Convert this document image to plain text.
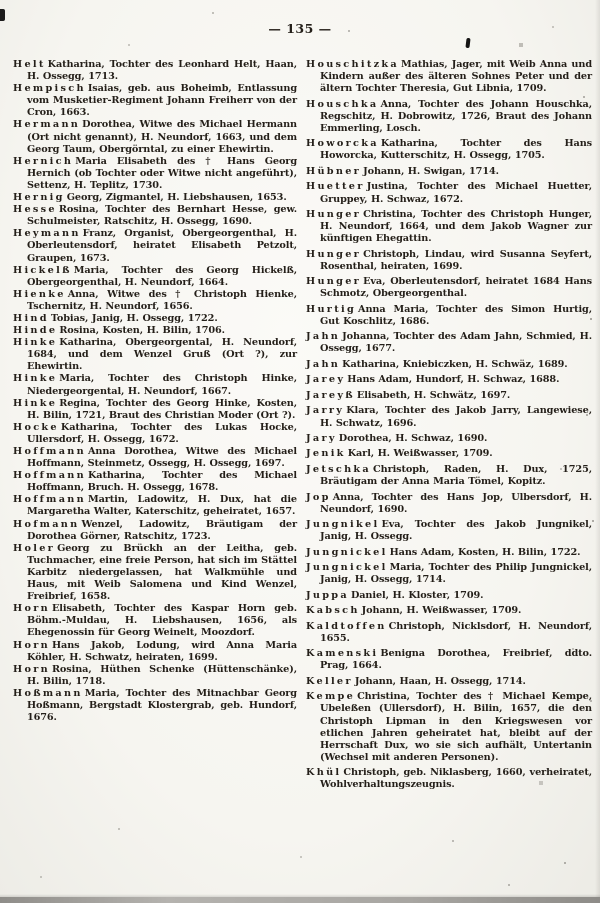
— 135 —

Helt Katharina, Tochter des Leonhard Helt, Haan, H. Ossegg, 1713.

Hempisch Isaias, geb. aus Boheimb, Entlassung vom Musketier-Regiment Johann Freiherr von der Cron, 1663.

Hermann Dorothea, Witwe des Michael Hermann (Ort nicht genannt), H. Neundorf, 1663, und dem Georg Taum, Obergörntal, zu einer Ehewirtin.

Hernich Maria Elisabeth des † Hans Georg Hernich (ob Tochter oder Witwe nicht angeführt), Settenz, H. Teplitz, 1730.

Hernig Georg, Zigmantel, H. Liebshausen, 1653.

Hesse Rosina, Tochter des Bernhart Hesse, gew. Schulmeister, Ratschitz, H. Ossegg, 1690.

Heymann Franz, Organist, Obergeorgenthal, H. Oberleutensdorf, heiratet Elisabeth Petzolt, Graupen, 1673.

Hickelß Maria, Tochter des Georg Hickelß, Obergeorgenthal, H. Neundorf, 1664.

Hienke Anna, Witwe des † Christoph Hienke, Tschernitz, H. Neundorf, 1656.

Hind Tobias, Janig, H. Ossegg, 1722.

Hinde Rosina, Kosten, H. Bilin, 1706.

Hinke Katharina, Obergeorgental, H. Neundorf, 1684, und dem Wenzel Gruß (Ort ?), zur Ehewirtin.

Hinke Maria, Tochter des Christoph Hinke, Niedergeorgental, H. Neundorf, 1667.

Hinke Regina, Tochter des Georg Hinke, Kosten, H. Bilin, 1721, Braut des Christian Moder (Ort ?).

Hocke Katharina, Tochter des Lukas Hocke, Ullersdorf, H. Ossegg, 1672.

Hoffmann Anna Dorothea, Witwe des Michael Hoffmann, Steinmetz, Ossegg, H. Ossegg, 1697.

Hoffmann Katharina, Tochter des Michael Hoffmann, Bruch. H. Ossegg, 1678.

Hoffmann Martin, Ladowitz, H. Dux, hat die Margaretha Walter, Katerschitz, geheiratet, 1657.

Hofmann Wenzel, Ladowitz, Bräutigam der Dorothea Görner, Ratschitz, 1723.

Holer Georg zu Brückh an der Leitha, geb. Tuchmacher, eine freie Person, hat sich im Stättel Karbitz niedergelassen, hat Walkmühle und Haus, mit Weib Salomena und Kind Wenzel, Freibrief, 1658.

Horn Elisabeth, Tochter des Kaspar Horn geb. Böhm.-Muldau, H. Liebshausen, 1656, als Ehegenossin für Georg Weinelt, Moozdorf.

Horn Hans Jakob, Lodung, wird Anna Maria Köhler, H. Schwatz, heiraten, 1699.

Horn Rosina, Hüthen Schenke (Hüttenschänke), H. Bilin, 1718.

Hoßmann Maria, Tochter des Mitnachbar Georg Hoßmann, Bergstadt Klostergrab, geb. Hundorf, 1676.

Houschitzka Mathias, Jager, mit Weib Anna und Kindern außer des älteren Sohnes Peter und der ältern Tochter Theresia, Gut Libnia, 1709.

Houschka Anna, Tochter des Johann Houschka, Regschitz, H. Dobrowitz, 1726, Braut des Johann Emmerling, Losch.

Howorcka Katharina, Tochter des Hans Howorcka, Kutterschitz, H. Ossegg, 1705.

Hübner Johann, H. Swigan, 1714.

Huetter Justina, Tochter des Michael Huetter, Gruppey, H. Schwaz, 1672.

Hunger Christina, Tochter des Christoph Hunger, H. Neundorf, 1664, und dem Jakob Wagner zur künftigen Ehegattin.

Hunger Christoph, Lindau, wird Susanna Seyfert, Rosenthal, heiraten, 1699.

Hunger Eva, Oberleutensdorf, heiratet 1684 Hans Schmotz, Obergeorgenthal.

Hurtig Anna Maria, Tochter des Simon Hurtig, Gut Koschlitz, 1686.

Jahn Johanna, Tochter des Adam Jahn, Schmied, H. Ossegg, 1677.

Jahn Katharina, Kniebiczken, H. Schwäz, 1689.

Jarey Hans Adam, Hundorf, H. Schwaz, 1688.

Jareyß Elisabeth, H. Schwätz, 1697.

Jarry Klara, Tochter des Jakob Jarry, Langewiese, H. Schwatz, 1696.

Jary Dorothea, H. Schwaz, 1690.

Jenik Karl, H. Weißwasser, 1709.

Jetschka Christoph, Raden, H. Dux, 1725, Bräutigam der Anna Maria Tömel, Kopitz.

Jop Anna, Tochter des Hans Jop, Ulbersdorf, H. Neundorf, 1690.

Jungnikel Eva, Tochter des Jakob Jungnikel, Janig, H. Ossegg.

Jungnickel Hans Adam, Kosten, H. Bilin, 1722.

Jungnickel Maria, Tochter des Philip Jungnickel, Janig, H. Ossegg, 1714.

Juppa Daniel, H. Kloster, 1709.

Kabsch Johann, H. Weißwasser, 1709.

Kaldtoffen Christoph, Nicklsdorf, H. Neundorf, 1655.

Kamenski Benigna Dorothea, Freibrief, ddto. Prag, 1664.

Keller Johann, Haan, H. Ossegg, 1714.

Kempe Christina, Tochter des † Michael Kempe, Ubeleßen (Ullersdorf), H. Bilin, 1657, die den Christoph Lipman in den Kriegswesen vor etlichen Jahren geheiratet hat, bleibt auf der Herrschaft Dux, wo sie sich aufhält, Untertanin (Wechsel mit anderen Personen).

Khül Christoph, geb. Niklasberg, 1660, verheiratet, Wohlverhaltungszeugnis.
